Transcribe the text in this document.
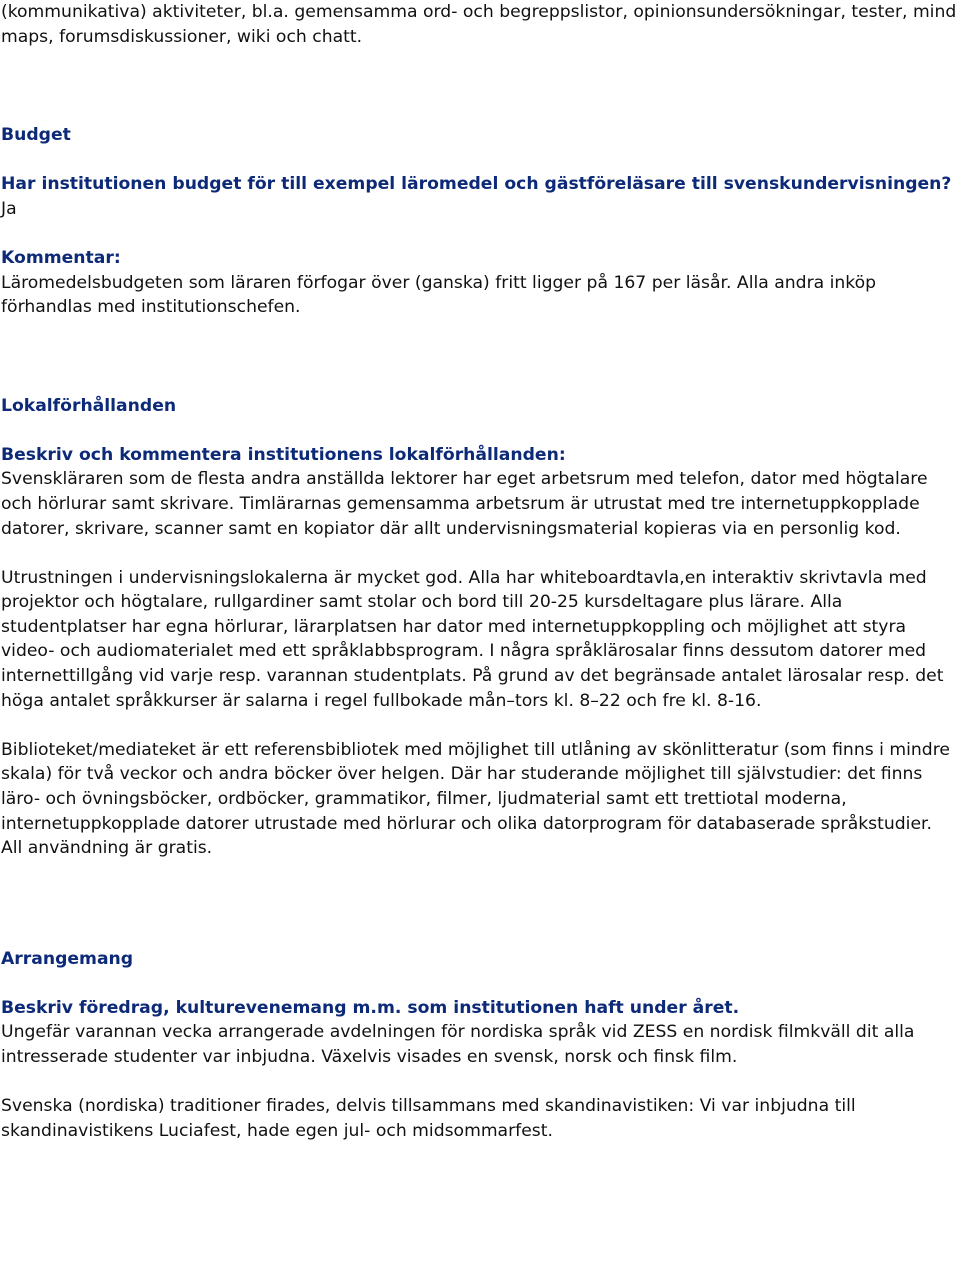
(kommunikativa) aktiviteter, bl.a. gemensamma ord- och begreppslistor, opinionsundersökningar, tester, mind maps, forumsdiskussioner, wiki och chatt.

Budget

Har institutionen budget för till exempel läromedel och gästföreläsare till svenskundervisningen?

Ja

Kommentar:

Läromedelsbudgeten som läraren förfogar över (ganska) fritt ligger på 167 per läsår. Alla andra inköp förhandlas med institutionschefen.

Lokalförhållanden

Beskriv och kommentera institutionens lokalförhållanden:

Svenskläraren som de flesta andra anställda lektorer har eget arbetsrum med telefon, dator med högtalare och hörlurar samt skrivare. Timlärarnas gemensamma arbetsrum är utrustat med tre internetuppkopplade datorer, skrivare, scanner samt en kopiator där allt undervisningsmaterial kopieras via en personlig kod.

Utrustningen i undervisningslokalerna är mycket god. Alla har whiteboardtavla,en interaktiv skrivtavla med projektor och högtalare, rullgardiner samt stolar och bord till 20-25 kursdeltagare plus lärare. Alla studentplatser har egna hörlurar, lärarplatsen har dator med internetuppkoppling och möjlighet att styra video- och audiomaterialet med ett språklabbsprogram. I några språklärosalar finns dessutom datorer med internettillgång vid varje resp. varannan studentplats. På grund av det begränsade antalet lärosalar resp. det höga antalet språkkurser är salarna i regel fullbokade mån–tors kl. 8–22 och fre kl. 8-16.

Biblioteket/mediateket är ett referensbibliotek med möjlighet till utlåning av skönlitteratur (som finns i mindre skala) för två veckor och andra böcker över helgen. Där har studerande möjlighet till självstudier: det finns läro- och övningsböcker, ordböcker, grammatikor, filmer, ljudmaterial samt ett trettiotal moderna, internetuppkopplade datorer utrustade med hörlurar och olika datorprogram för databaserade språkstudier. All användning är gratis.

Arrangemang

Beskriv föredrag, kulturevenemang m.m. som institutionen haft under året.

Ungefär varannan vecka arrangerade avdelningen för nordiska språk vid ZESS en nordisk filmkväll dit alla intresserade studenter var inbjudna. Växelvis visades en svensk, norsk och finsk film.

Svenska (nordiska) traditioner firades, delvis tillsammans med skandinavistiken: Vi var inbjudna till skandinavistikens Luciafest, hade egen jul- och midsommarfest.
